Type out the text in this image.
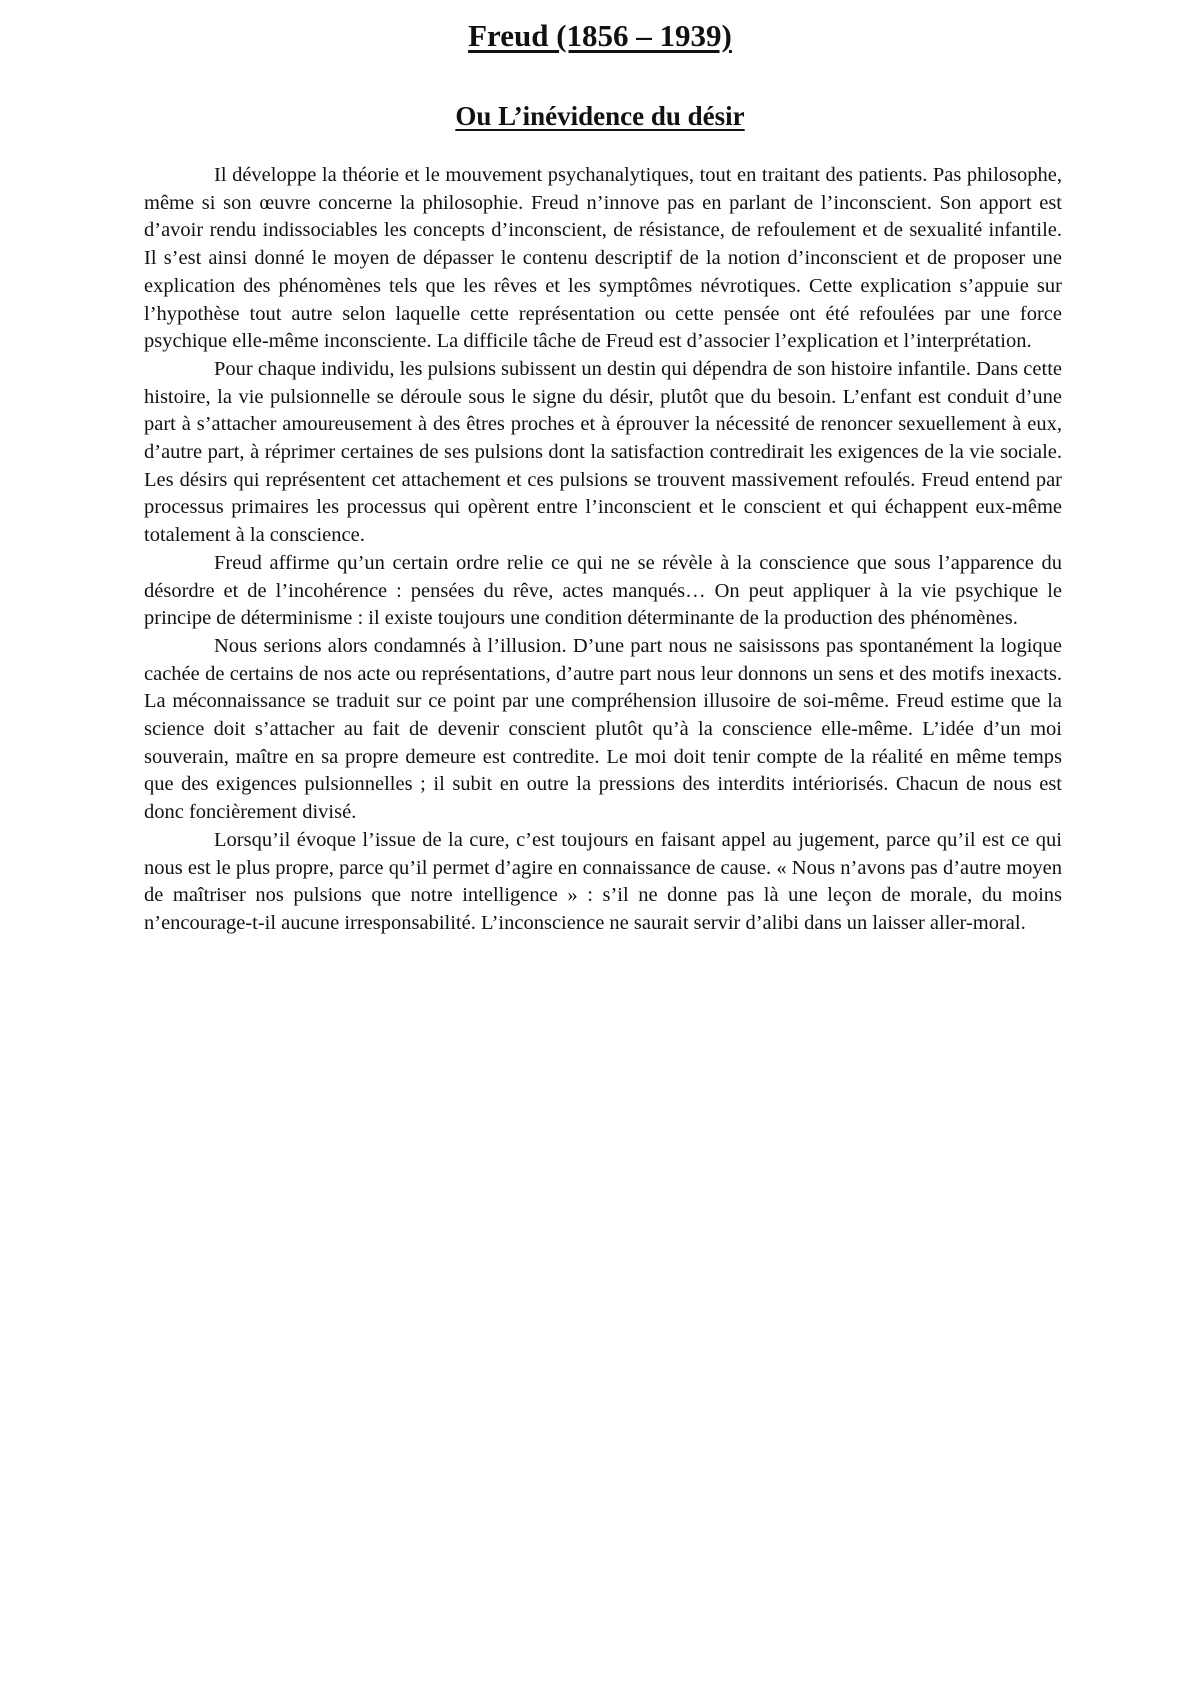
Freud (1856 – 1939)
Ou L’inévidence du désir

Il développe la théorie et le mouvement psychanalytiques, tout en traitant des patients. Pas philosophe, même si son œuvre concerne la philosophie. Freud n’innove pas en parlant de l’inconscient. Son apport est d’avoir rendu indissociables les concepts d’inconscient, de résistance, de refoulement et de sexualité infantile. Il s’est ainsi donné le moyen de dépasser le contenu descriptif de la notion d’inconscient et de proposer une explication des phénomènes tels que les rêves et les symptômes névrotiques. Cette explication s’appuie sur l’hypothèse tout autre selon laquelle cette représentation ou cette pensée ont été refoulées par une force psychique elle-même inconsciente. La difficile tâche de Freud est d’associer l’explication et l’interprétation.

Pour chaque individu, les pulsions subissent un destin qui dépendra de son histoire infantile. Dans cette histoire, la vie pulsionnelle se déroule sous le signe du désir, plutôt que du besoin. L’enfant est conduit d’une part à s’attacher amoureusement à des êtres proches et à éprouver la nécessité de renoncer sexuellement à eux, d’autre part, à réprimer certaines de ses pulsions dont la satisfaction contredirait les exigences de la vie sociale. Les désirs qui représentent cet attachement et ces pulsions se trouvent massivement refoulés. Freud entend par processus primaires les processus qui opèrent entre l’inconscient et le conscient et qui échappent eux-même totalement à la conscience.

Freud affirme qu’un certain ordre relie ce qui ne se révèle à la conscience que sous l’apparence du désordre et de l’incohérence : pensées du rêve, actes manqués… On peut appliquer à la vie psychique le principe de déterminisme : il existe toujours une condition déterminante de la production des phénomènes.

Nous serions alors condamnés à l’illusion. D’une part nous ne saisissons pas spontanément la logique cachée de certains de nos acte ou représentations, d’autre part nous leur donnons un sens et des motifs inexacts. La méconnaissance se traduit sur ce point par une compréhension illusoire de soi-même. Freud estime que la science doit s’attacher au fait de devenir conscient plutôt qu’à la conscience elle-même. L’idée d’un moi souverain, maître en sa propre demeure est contredite. Le moi doit tenir compte de la réalité en même temps que des exigences pulsionnelles ; il subit en outre la pressions des interdits intériorisés. Chacun de nous est donc foncièrement divisé.

Lorsqu’il évoque l’issue de la cure, c’est toujours en faisant appel au jugement, parce qu’il est ce qui nous est le plus propre, parce qu’il permet d’agire en connaissance de cause. « Nous n’avons pas d’autre moyen de maîtriser nos pulsions que notre intelligence » : s’il ne donne pas là une leçon de morale, du moins n’encourage-t-il aucune irresponsabilité. L’inconscience ne saurait servir d’alibi dans un laisser aller-moral.
